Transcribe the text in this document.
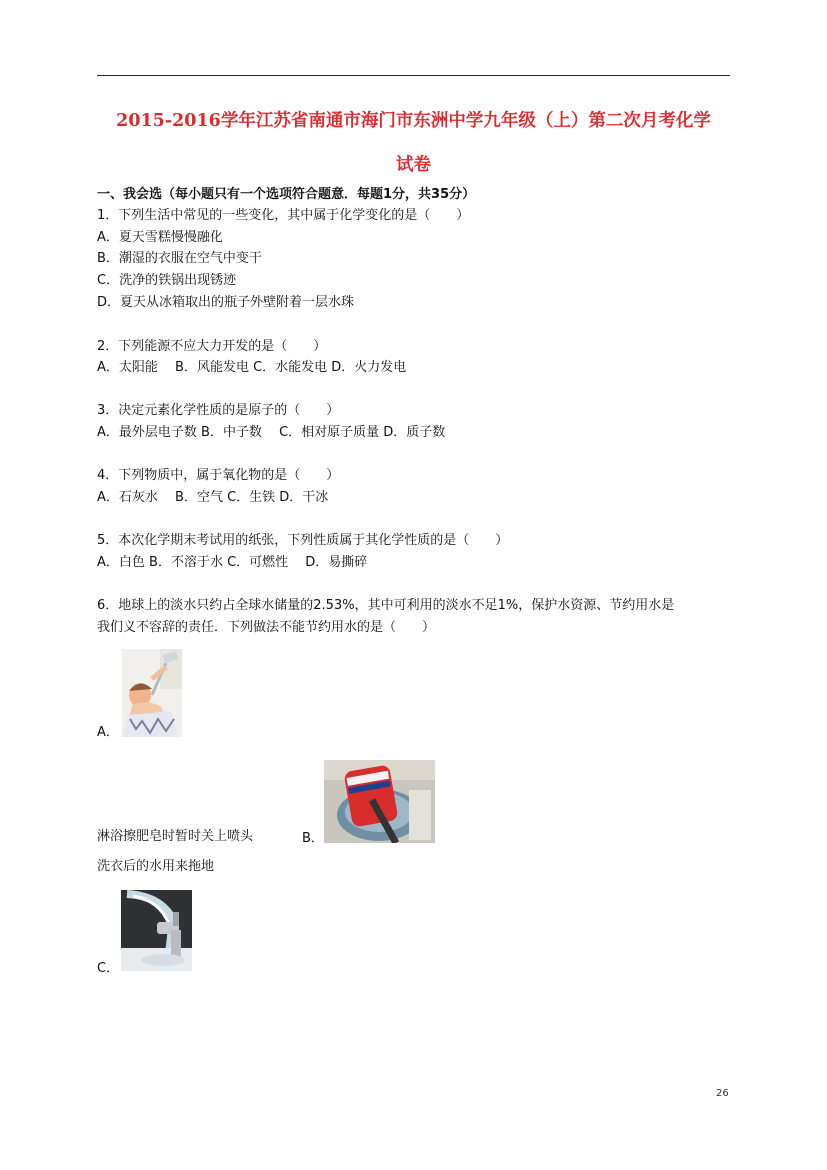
2015-2016学年江苏省南通市海门市东洲中学九年级（上）第二次月考化学
试卷
一、我会选（每小题只有一个选项符合题意．每题1分，共35分）
1．下列生活中常见的一些变化，其中属于化学变化的是（　　）
A．夏天雪糕慢慢融化
B．潮湿的衣服在空气中变干
C．洗净的铁锅出现锈迹
D．夏天从冰箱取出的瓶子外壁附着一层水珠
2．下列能源不应大力开发的是（　　）
A．太阳能　 B．风能发电 C．水能发电 D．火力发电
3．决定元素化学性质的是原子的（　　）
A．最外层电子数 B．中子数　 C．相对原子质量 D．质子数
4．下列物质中，属于氧化物的是（　　）
A．石灰水　 B．空气 C．生铁 D．干冰
5．本次化学期末考试用的纸张，下列性质属于其化学性质的是（　　）
A．白色 B．不溶于水 C．可燃性　 D．易撕碎
6．地球上的淡水只约占全球水储量的2.53%，其中可利用的淡水不足1%，保护水资源、节约用水是
我们义不容辞的责任．下列做法不能节约用水的是（　　）
A．
淋浴擦肥皂时暂时关上喷头	B．
洗衣后的水用来拖地
C．
26
